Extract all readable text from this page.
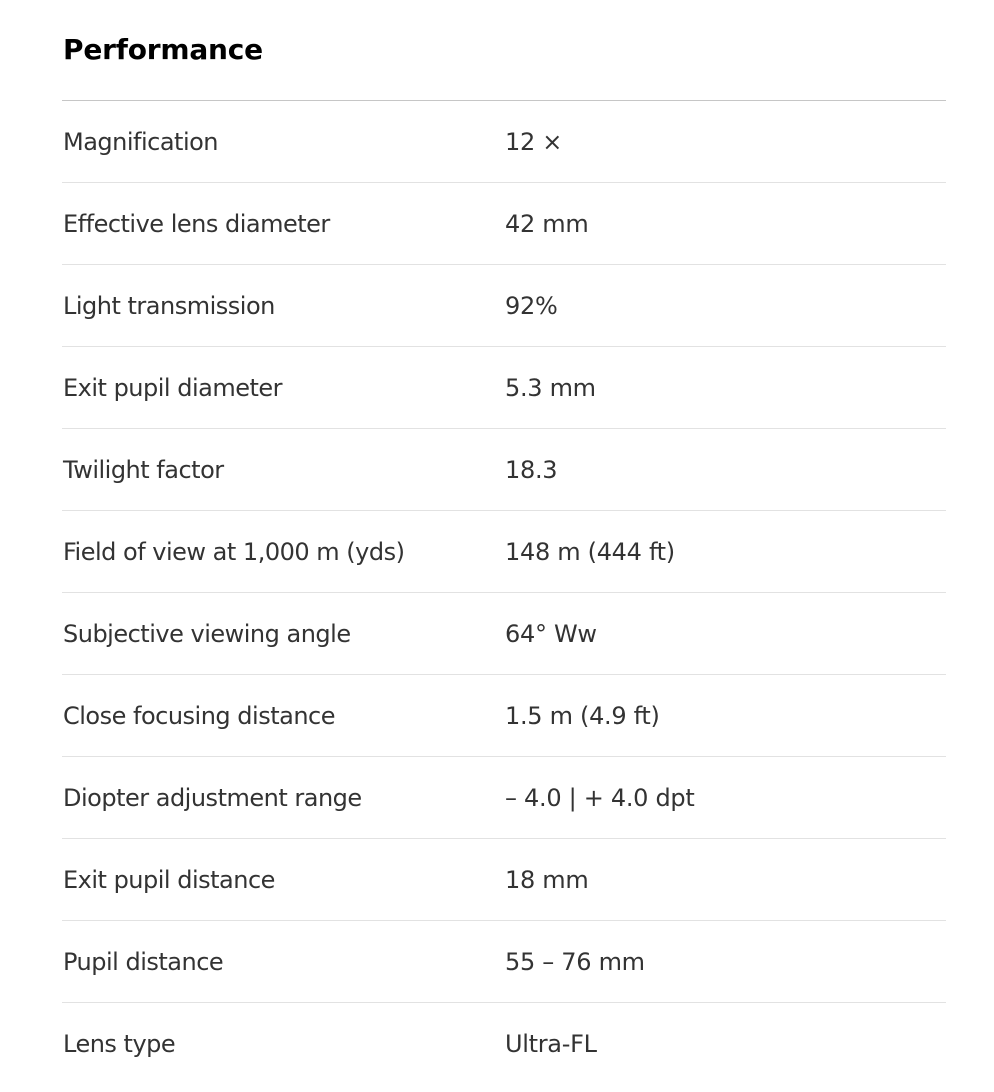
Performance
Magnification	12 ×
Effective lens diameter	42 mm
Light transmission	92%
Exit pupil diameter	5.3 mm
Twilight factor	18.3
Field of view at 1,000 m (yds)	148 m (444 ft)
Subjective viewing angle	64° Ww
Close focusing distance	1.5 m (4.9 ft)
Diopter adjustment range	– 4.0 | + 4.0 dpt
Exit pupil distance	18 mm
Pupil distance	55 – 76 mm
Lens type	Ultra-FL
